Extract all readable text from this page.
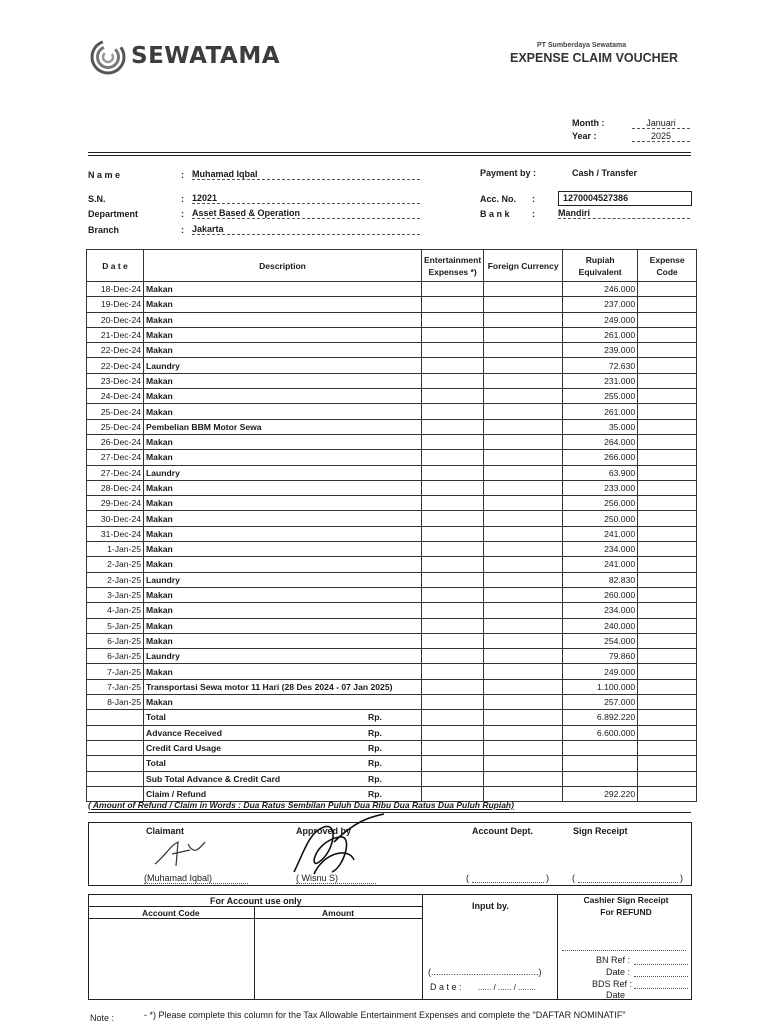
SEWATAMA	PT Sumberdaya Sewatama
EXPENSE CLAIM VOUCHER
Month :	Januari
Year :	2025
N a m e	: Muhamad Iqbal
S.N.	: 12021
Department	: Asset Based & Operation
Branch	: Jakarta
Payment by :	Cash / Transfer
Acc. No. :	1270004527386
B a n k :	Mandiri
D a t e	Description	Entertainment Expenses *)	Foreign Currency	Rupiah Equivalent	Expense Code
18-Dec-24	Makan			246.000	
19-Dec-24	Makan			237.000	
20-Dec-24	Makan			249.000	
21-Dec-24	Makan			261.000	
22-Dec-24	Makan			239.000	
22-Dec-24	Laundry			72.630	
23-Dec-24	Makan			231.000	
24-Dec-24	Makan			255.000	
25-Dec-24	Makan			261.000	
25-Dec-24	Pembelian BBM Motor Sewa			35.000	
26-Dec-24	Makan			264.000	
27-Dec-24	Makan			266.000	
27-Dec-24	Laundry			63.900	
28-Dec-24	Makan			233.000	
29-Dec-24	Makan			256.000	
30-Dec-24	Makan			250.000	
31-Dec-24	Makan			241.000	
1-Jan-25	Makan			234.000	
2-Jan-25	Makan			241.000	
2-Jan-25	Laundry			82.830	
3-Jan-25	Makan			260.000	
4-Jan-25	Makan			234.000	
5-Jan-25	Makan			240.000	
6-Jan-25	Makan			254.000	
6-Jan-25	Laundry			79.860	
7-Jan-25	Makan			249.000	
7-Jan-25	Transportasi Sewa motor 11 Hari (28 Des 2024 - 07 Jan 2025)			1.100.000	
8-Jan-25	Makan			257.000	
	Total Rp.			6.892.220	
	Advance Received Rp.			6.600.000	
	Credit Card Usage Rp.				

	Total Rp.				

	Sub Total Advance & Credit Card Rp.				

	Claim / Refund Rp.			292.220	
( Amount of Refund / Claim in Words : Dua Ratus Sembilan Puluh Dua Ribu Dua Ratus Dua Puluh Rupiah)
Claimant	Approved by	Account Dept.	Sign Receipt
(Muhamad Iqbal)	( Wisnu S)	(	)	(	)
For Account use only
Account Code	Amount
Input by.
(...........................................)
D a t e : ...... / ...... / ........
Cashier Sign Receipt For REFUND
BN Ref :
Date :
BDS Ref :
Date
Note :	- *) Please complete this column for the Tax Allowable Entertainment Expenses and complete the "DAFTAR NOMINATIF"
